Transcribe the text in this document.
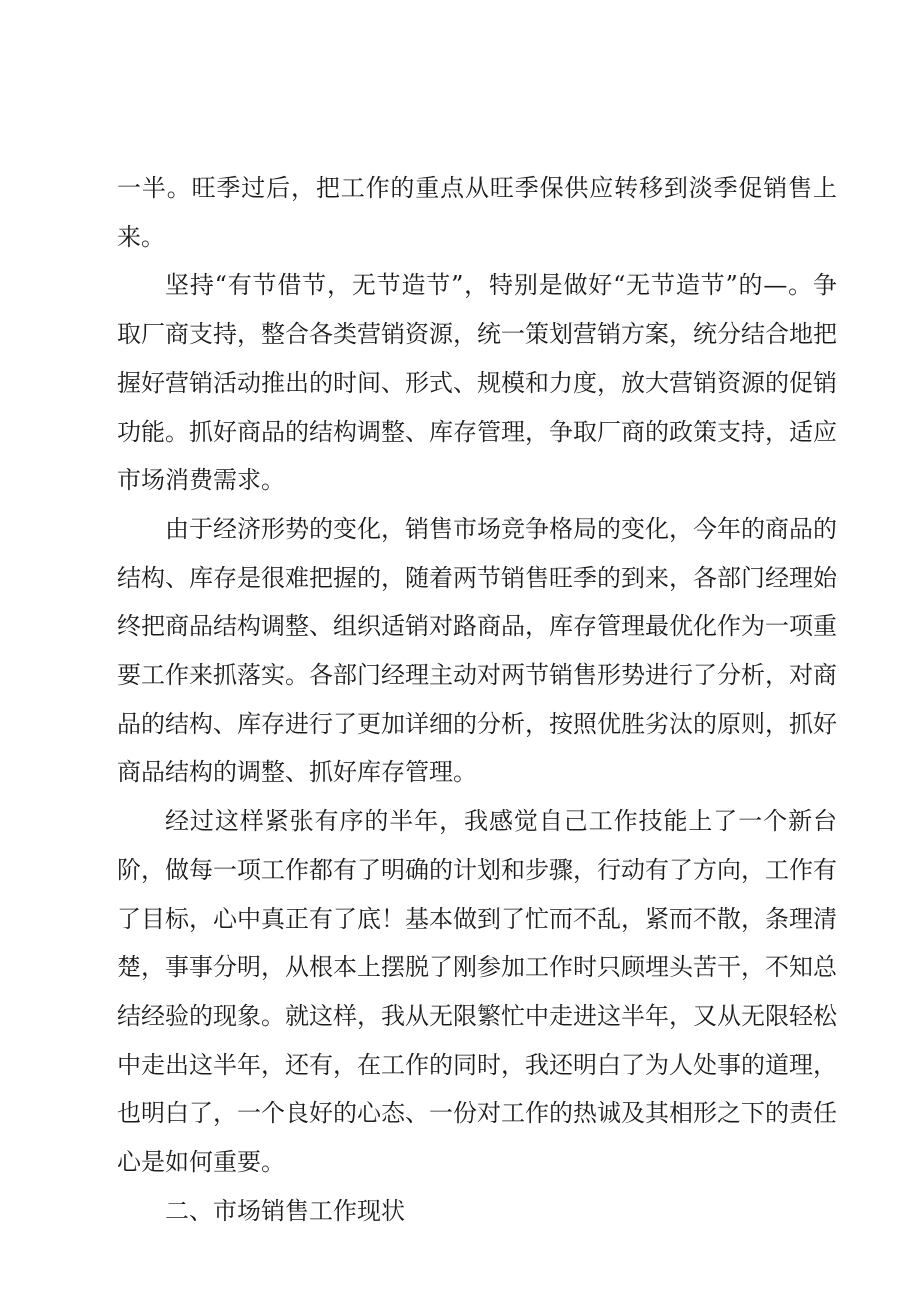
一半。旺季过后，把工作的重点从旺季保供应转移到淡季促销售上来。

坚持“有节借节，无节造节”，特别是做好“无节造节”的—。争取厂商支持，整合各类营销资源，统一策划营销方案，统分结合地把握好营销活动推出的时间、形式、规模和力度，放大营销资源的促销功能。抓好商品的结构调整、库存管理，争取厂商的政策支持，适应市场消费需求。

由于经济形势的变化，销售市场竞争格局的变化，今年的商品的结构、库存是很难把握的，随着两节销售旺季的到来，各部门经理始终把商品结构调整、组织适销对路商品，库存管理最优化作为一项重要工作来抓落实。各部门经理主动对两节销售形势进行了分析，对商品的结构、库存进行了更加详细的分析，按照优胜劣汰的原则，抓好商品结构的调整、抓好库存管理。

经过这样紧张有序的半年，我感觉自己工作技能上了一个新台阶，做每一项工作都有了明确的计划和步骤，行动有了方向，工作有了目标，心中真正有了底！基本做到了忙而不乱，紧而不散，条理清楚，事事分明，从根本上摆脱了刚参加工作时只顾埋头苦干，不知总结经验的现象。就这样，我从无限繁忙中走进这半年，又从无限轻松中走出这半年，还有，在工作的同时，我还明白了为人处事的道理，也明白了，一个良好的心态、一份对工作的热诚及其相形之下的责任心是如何重要。

二、市场销售工作现状
